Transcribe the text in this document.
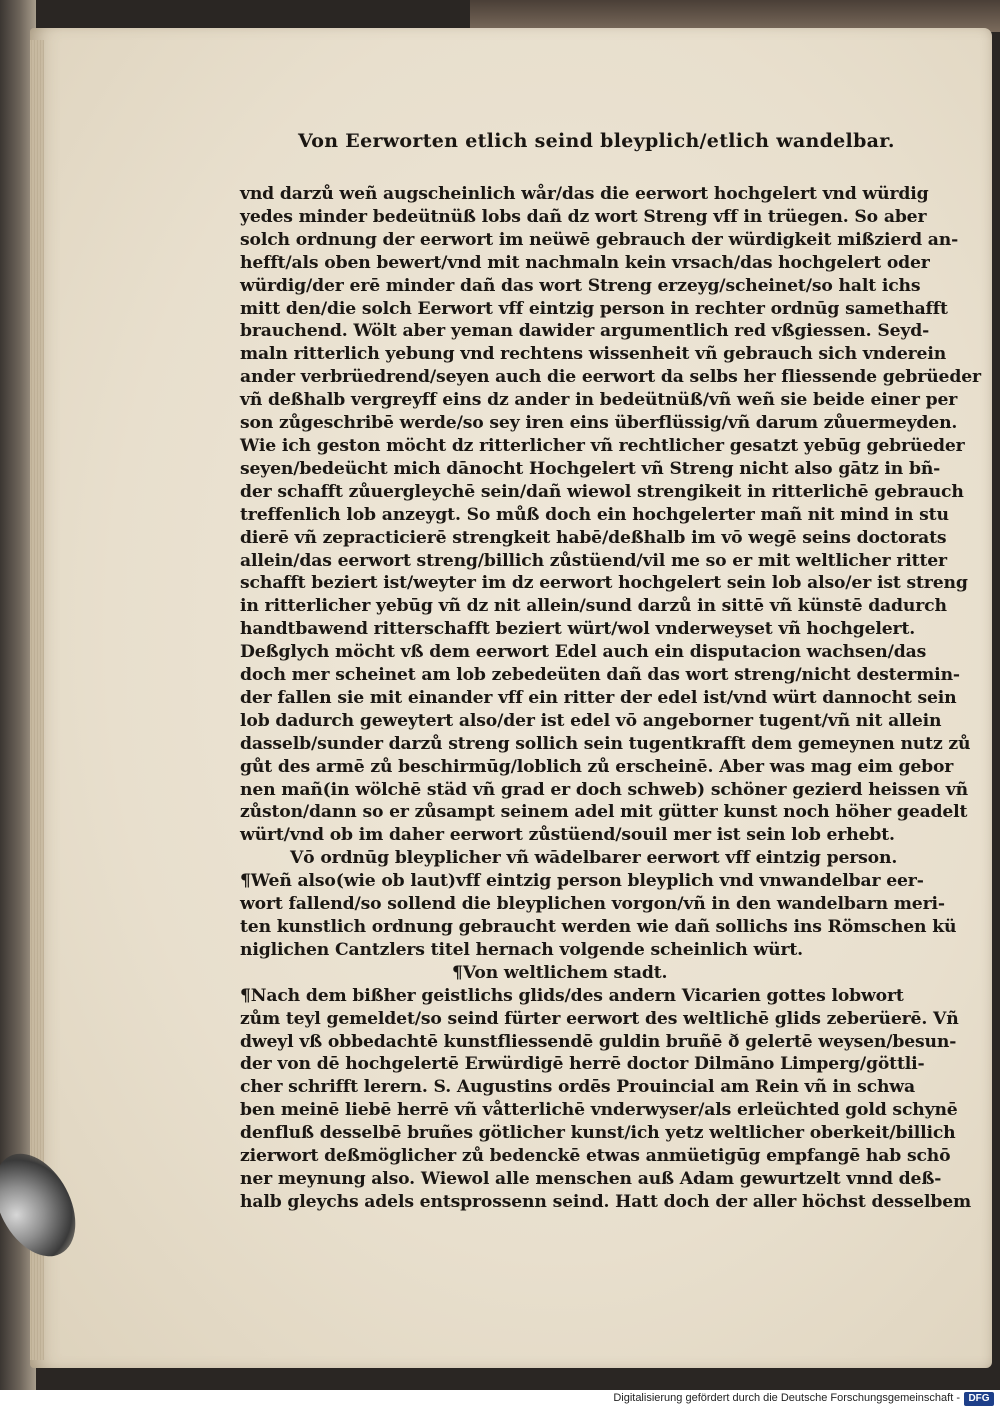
Von Eerworten etlich seind bleyplich/etlich wandelbar.
vnd darzů weñ augscheinlich wår/das die eerwort hochgelert vnd würdig
yedes minder bedeütnüß lobs dañ dz wort Streng vff in trüegen. So aber
solch ordnung der eerwort im neüwē gebrauch der würdigkeit mißzierd an-
hefft/als oben bewert/vnd mit nachmaln kein vrsach/das hochgelert oder
würdig/der erē minder dañ das wort Streng erzeyg/scheinet/so halt ichs
mitt den/die solch Eerwort vff eintzig person in rechter ordnūg samethafft
brauchend. Wölt aber yeman dawider argumentlich red vßgiessen. Seyd-
maln ritterlich yebung vnd rechtens wissenheit vñ gebrauch sich vnderein
ander verbrüedrend/seyen auch die eerwort da selbs her fliessende gebrüeder
vñ deßhalb vergreyff eins dz ander in bedeütnüß/vñ weñ sie beide einer per
son zůgeschribē werde/so sey iren eins überflüssig/vñ darum zůuermeyden.
Wie ich geston möcht dz ritterlicher vñ rechtlicher gesatzt yebūg gebrüeder
seyen/bedeücht mich dānocht Hochgelert vñ Streng nicht also gātz in bñ-
der schafft zůuergleychē sein/dañ wiewol strengikeit in ritterlichē gebrauch
treffenlich lob anzeygt. So můß doch ein hochgelerter mañ nit mind in stu
dierē vñ zepracticierē strengkeit habē/deßhalb im vō wegē seins doctorats
allein/das eerwort streng/billich zůstüend/vil me so er mit weltlicher ritter
schafft beziert ist/weyter im dz eerwort hochgelert sein lob also/er ist streng
in ritterlicher yebūg vñ dz nit allein/sund darzů in sittē vñ künstē dadurch
handtbawend ritterschafft beziert würt/wol vnderweyset vñ hochgelert.
Deßglych möcht vß dem eerwort Edel auch ein disputacion wachsen/das
doch mer scheinet am lob zebedeüten dañ das wort streng/nicht destermin-
der fallen sie mit einander vff ein ritter der edel ist/vnd würt dannocht sein
lob dadurch geweytert also/der ist edel vō angeborner tugent/vñ nit allein
dasselb/sunder darzů streng sollich sein tugentkrafft dem gemeynen nutz zů
gůt des armē zů beschirmūg/loblich zů erscheinē. Aber was mag eim gebor
nen mañ(in wölchē städ vñ grad er doch schweb) schöner gezierd heissen vñ
zůston/dann so er zůsampt seinem adel mit gütter kunst noch höher geadelt
würt/vnd ob im daher eerwort zůstüend/souil mer ist sein lob erhebt.
Vō ordnūg bleyplicher vñ wādelbarer eerwort vff eintzig person.
¶Weñ also(wie ob laut)vff eintzig person bleyplich vnd vnwandelbar eer-
wort fallend/so sollend die bleyplichen vorgon/vñ in den wandelbarn meri-
ten kunstlich ordnung gebraucht werden wie dañ sollichs ins Römschen kü
niglichen Cantzlers titel hernach volgende scheinlich würt.
¶Von weltlichem stadt.
¶Nach dem bißher geistlichs glids/des andern Vicarien gottes lobwort
zům teyl gemeldet/so seind fürter eerwort des weltlichē glids zeberüerē. Vñ
dweyl vß obbedachtē kunstfliessendē guldin bruñē ð gelertē weysen/besun-
der von dē hochgelertē Erwürdigē herrē doctor Dilmāno Limperg/göttli-
cher schrifft lerern. S. Augustins ordēs Prouincial am Rein vñ in schwa
ben meinē liebē herrē vñ våtterlichē vnderwyser/als erleüchted gold schynē
denfluß desselbē bruñes götlicher kunst/ich yetz weltlicher oberkeit/billich
zierwort deßmöglicher zů bedenckē etwas anmüetigūg empfangē hab schō
ner meynung also. Wiewol alle menschen auß Adam gewurtzelt vnnd deß-
halb gleychs adels entsprossenn seind. Hatt doch der aller höchst desselbem
Digitalisierung gefördert durch die Deutsche Forschungsgemeinschaft - DFG
